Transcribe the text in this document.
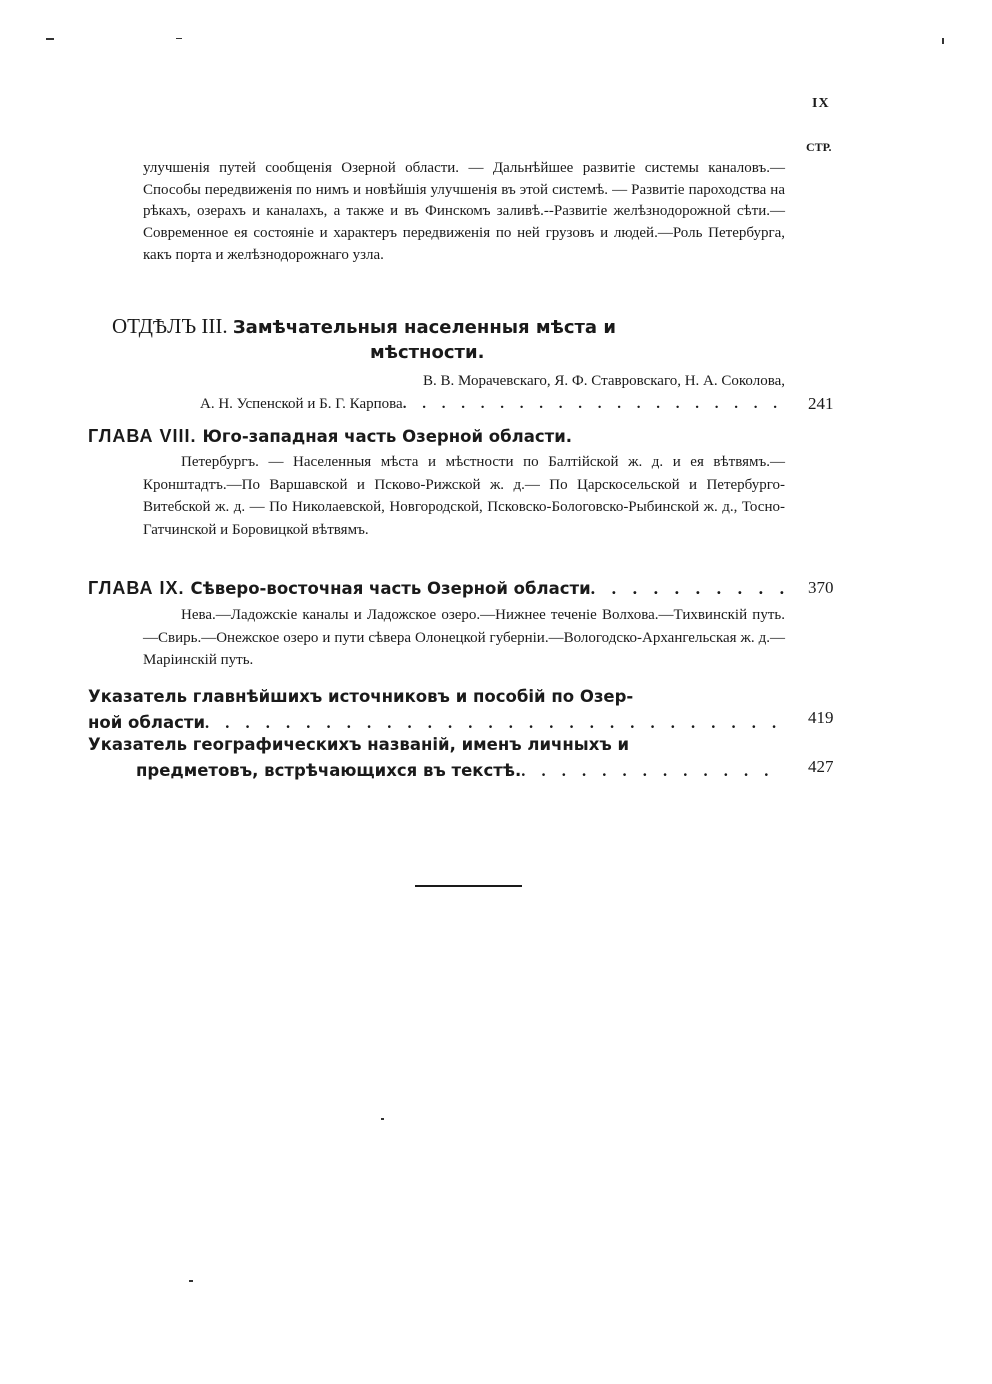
IX
СТР.
улучшенія путей сообщенія Озерной области. — Дальнѣйшее развитіе системы каналовъ.—Способы передвиженія по нимъ и новѣйшія улучшенія въ этой системѣ. — Развитіе пароходства на рѣкахъ, озерахъ и каналахъ, а также и въ Финскомъ заливѣ.--Развитіе желѣзнодорожной сѣти.—Современное ея состояніе и характеръ передвиженія по ней грузовъ и людей.—Роль Петербурга, какъ порта и желѣзнодорожнаго узла.
ОТДѢЛЪ III. Замѣчательныя населенныя мѣста и
мѣстности.
В. В. Морачевскаго, Я. Ф. Ставровскаго, Н. А. Соколова,
А. Н. Успенской и Б. Г. Карпова . . .	241
ГЛАВА VIII. Юго-западная часть Озерной области.
Петербургъ. — Населенныя мѣста и мѣстности по Балтійской ж. д. и ея вѣтвямъ.—Кронштадтъ.—По Варшавской и Псково-Рижской ж. д.— По Царскосельской и Петербурго-Витебской ж. д. — По Николаевской, Новгородской, Псковско-Бологовско-Рыбинской ж. д., Тосно-Гатчинской и Боровицкой вѣтвямъ.
ГЛАВА IX. Сѣверо-восточная часть Озерной области . . .	370
Нева.—Ладожскіе каналы и Ладожское озеро.—Нижнее теченіе Волхова.—Тихвинскій путь.—Свирь.—Онежское озеро и пути сѣвера Олонецкой губерніи.—Вологодско-Архангельская ж. д.—Маріинскій путь.
Указатель главнѣйшихъ источниковъ и пособій по Озер-
ной области . . .	419
Указатель географическихъ названій, именъ личныхъ и
предметовъ, встрѣчающихся въ текстѣ. . . .	427
